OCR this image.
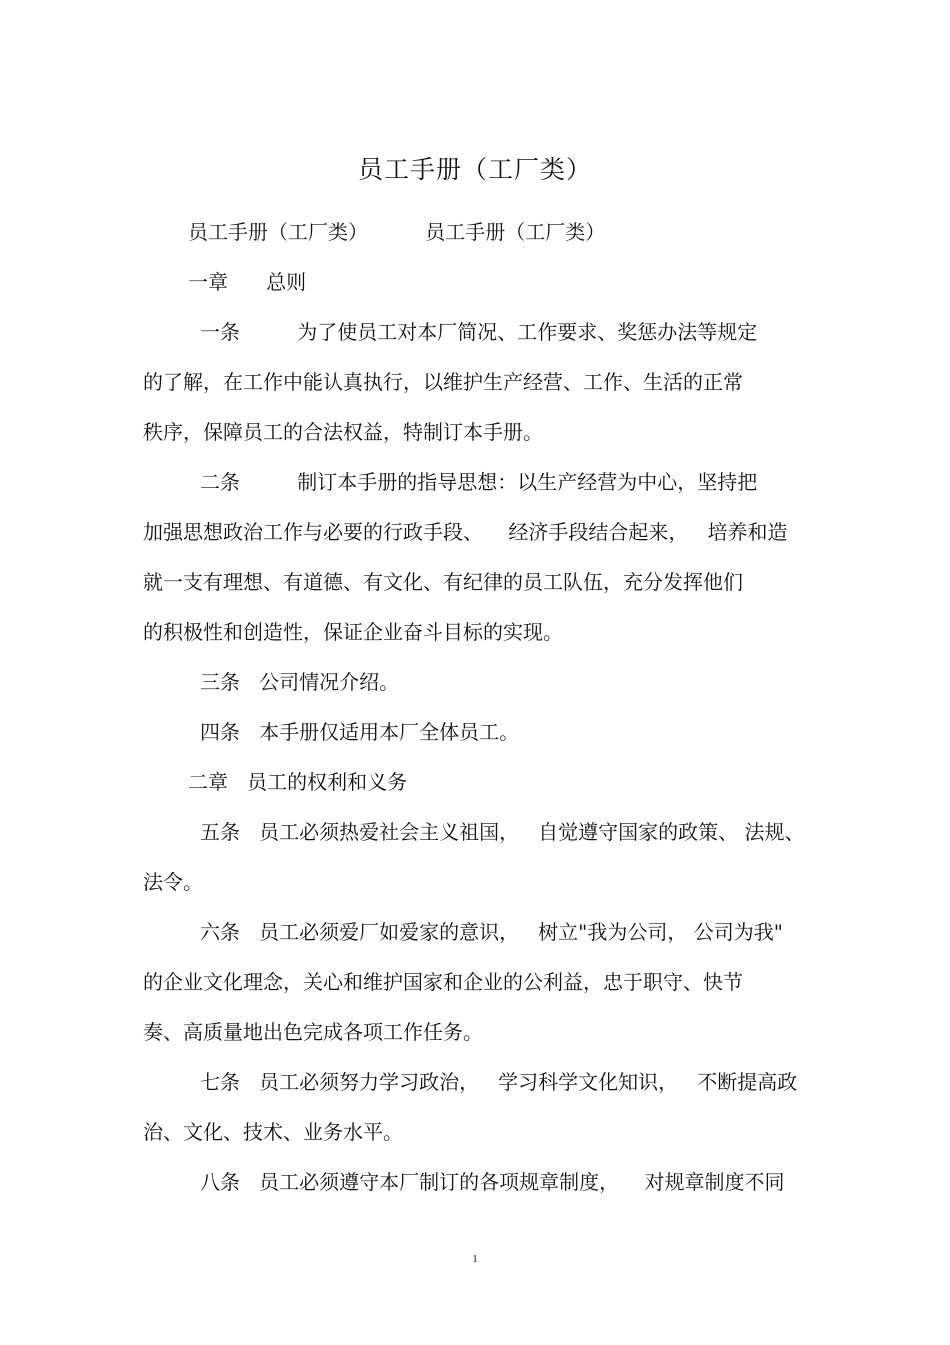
员工手册（工厂类）
员工手册（工厂类）         员工手册（工厂类）
一章      总则
一条         为了使员工对本厂简况、工作要求、奖惩办法等规定
的了解，在工作中能认真执行，以维护生产经营、工作、生活的正常
秩序，保障员工的合法权益，特制订本手册。
二条         制订本手册的指导思想：以生产经营为中心，坚持把
加强思想政治工作与必要的行政手段、    经济手段结合起来，   培养和造
就一支有理想、有道德、有文化、有纪律的员工队伍，充分发挥他们
的积极性和创造性，保证企业奋斗目标的实现。
三条   公司情况介绍。
四条   本手册仅适用本厂全体员工。
二章   员工的权利和义务
五条   员工必须热爱社会主义祖国，   自觉遵守国家的政策、 法规、
法令。
六条   员工必须爱厂如爱家的意识，   树立"我为公司， 公司为我"
的企业文化理念，关心和维护国家和企业的公利益，忠于职守、快节
奏、高质量地出色完成各项工作任务。
七条   员工必须努力学习政治，   学习科学文化知识，   不断提高政
治、文化、技术、业务水平。
八条   员工必须遵守本厂制订的各项规章制度，    对规章制度不同
1
